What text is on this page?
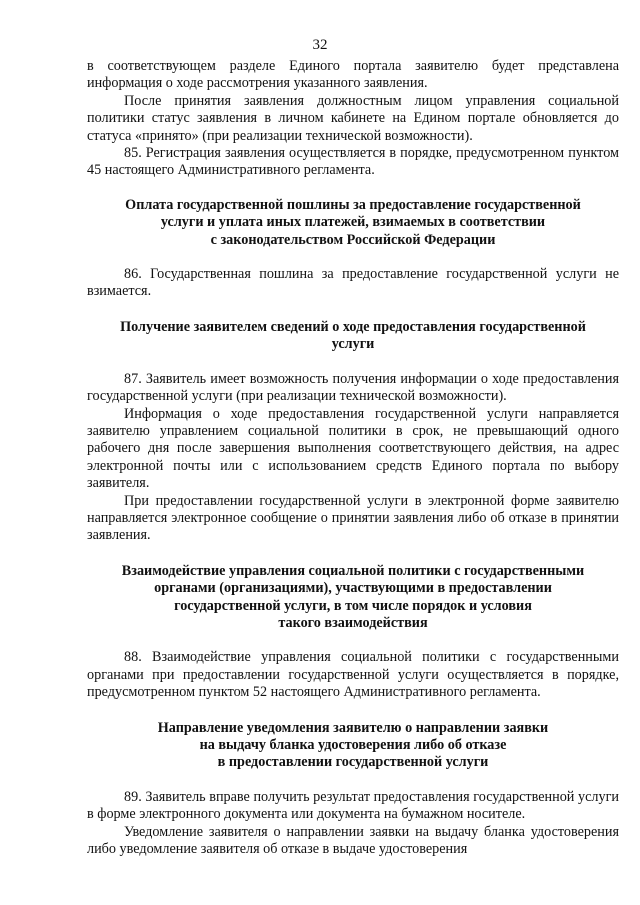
32

в соответствующем разделе Единого портала заявителю будет представлена информация о ходе рассмотрения указанного заявления.

После принятия заявления должностным лицом управления социальной политики статус заявления в личном кабинете на Едином портале обновляется до статуса «принято» (при реализации технической возможности).

85. Регистрация заявления осуществляется в порядке, предусмотренном пунктом 45 настоящего Административного регламента.

Оплата государственной пошлины за предоставление государственной
услуги и уплата иных платежей, взимаемых в соответствии
с законодательством Российской Федерации

86. Государственная пошлина за предоставление государственной услуги не взимается.

Получение заявителем сведений о ходе предоставления государственной
услуги

87. Заявитель имеет возможность получения информации о ходе предоставления государственной услуги (при реализации технической возможности).

Информация о ходе предоставления государственной услуги направляется заявителю управлением социальной политики в срок, не превышающий одного рабочего дня после завершения выполнения соответствующего действия, на адрес электронной почты или с использованием средств Единого портала по выбору заявителя.

При предоставлении государственной услуги в электронной форме заявителю направляется электронное сообщение о принятии заявления либо об отказе в принятии заявления.

Взаимодействие управления социальной политики с государственными
органами (организациями), участвующими в предоставлении
государственной услуги, в том числе порядок и условия
такого взаимодействия

88. Взаимодействие управления социальной политики с государственными органами при предоставлении государственной услуги осуществляется в порядке, предусмотренном пунктом 52 настоящего Административного регламента.

Направление уведомления заявителю о направлении заявки
на выдачу бланка удостоверения либо об отказе
в предоставлении государственной услуги

89. Заявитель вправе получить результат предоставления государственной услуги в форме электронного документа или документа на бумажном носителе.

Уведомление заявителя о направлении заявки на выдачу бланка удостоверения либо уведомление заявителя об отказе в выдаче удостоверения
